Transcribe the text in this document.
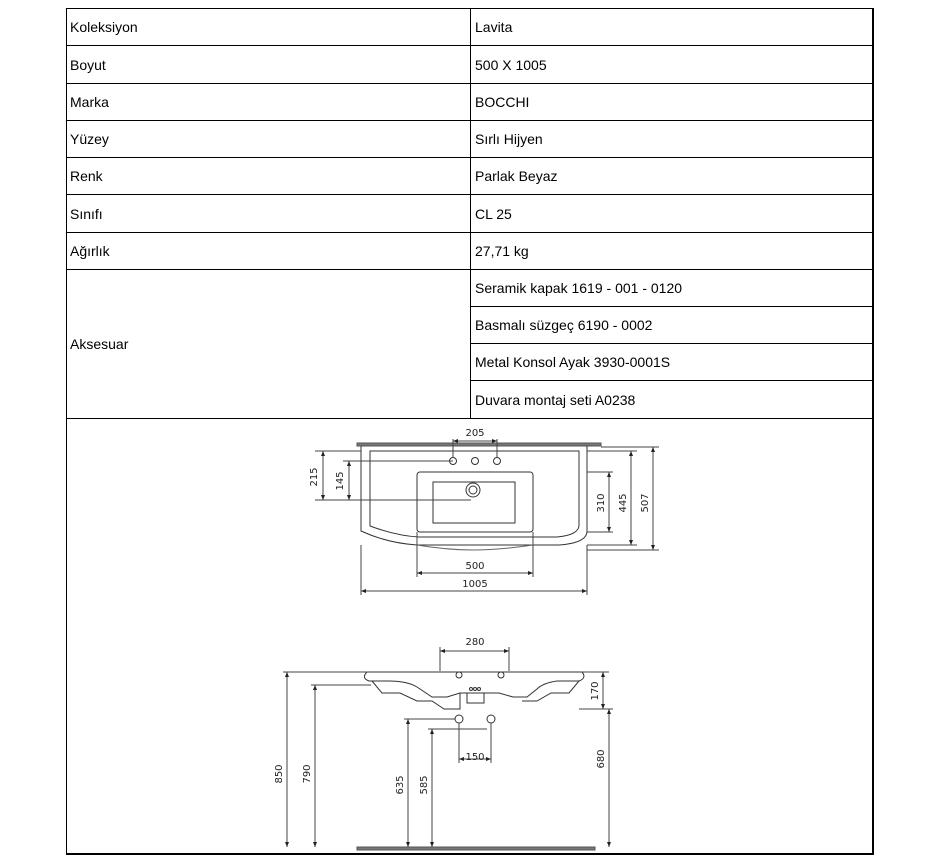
Koleksiyon	Lavita
Boyut	500 X 1005
Marka	BOCCHI
Yüzey	Sırlı Hijyen
Renk	Parlak Beyaz
Sınıfı	CL 25
Ağırlık	27,71 kg
Aksesuar
Seramik kapak 1619 - 001 - 0120
Basmalı süzgeç 6190 - 0002
Metal Konsol Ayak 3930-0001S
Duvara montaj seti A0238
205
215 145
310 445 507
500
1005
280
170
850 790
635 585
150	680
